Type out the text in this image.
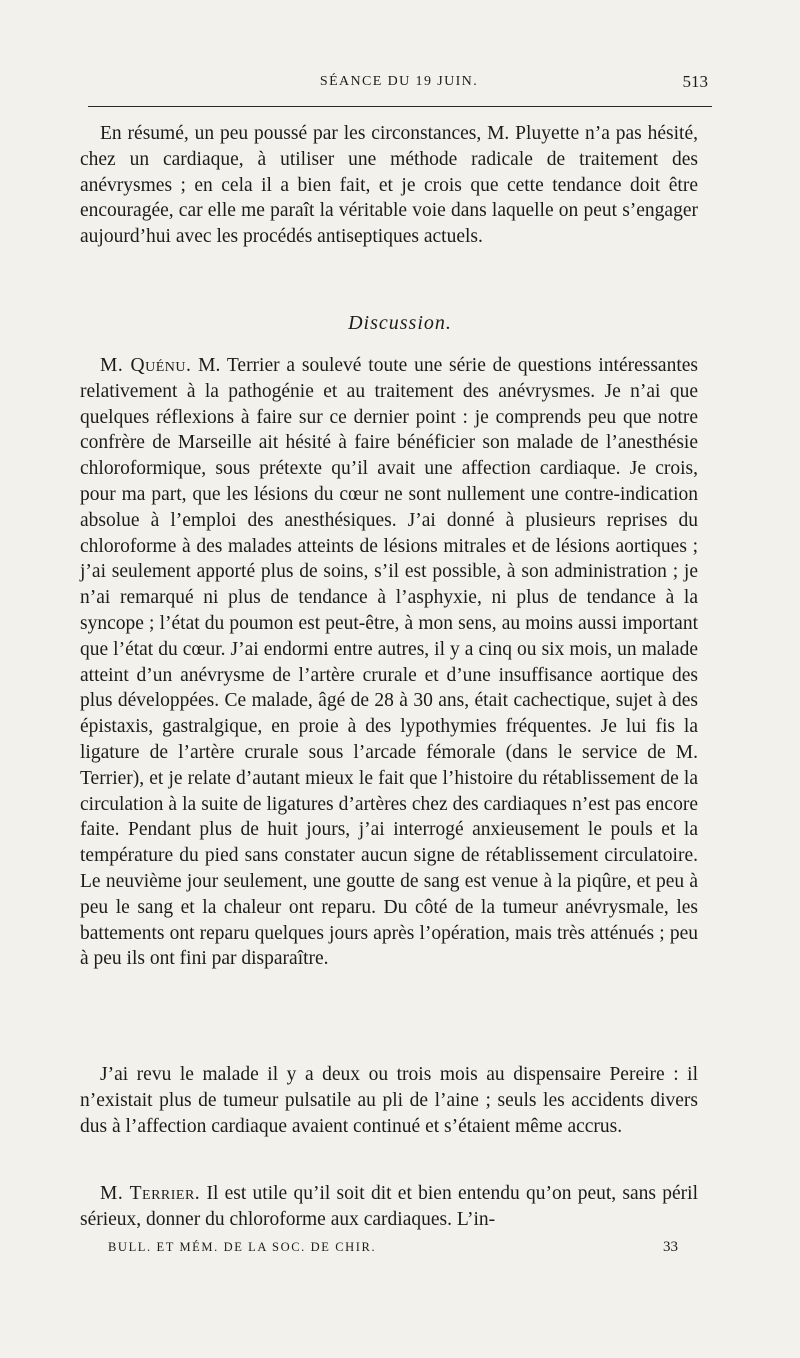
SÉANCE DU 19 JUIN.	513

En résumé, un peu poussé par les circonstances, M. Pluyette n’a pas hésité, chez un cardiaque, à utiliser une méthode radicale de traitement des anévrysmes ; en cela il a bien fait, et je crois que cette tendance doit être encouragée, car elle me paraît la véritable voie dans laquelle on peut s’engager aujourd’hui avec les procédés antiseptiques actuels.

Discussion.

M. Quénu. M. Terrier a soulevé toute une série de questions intéressantes relativement à la pathogénie et au traitement des anévrysmes. Je n’ai que quelques réflexions à faire sur ce dernier point : je comprends peu que notre confrère de Marseille ait hésité à faire bénéficier son malade de l’anesthésie chloroformique, sous prétexte qu’il avait une affection cardiaque. Je crois, pour ma part, que les lésions du cœur ne sont nullement une contre-indication absolue à l’emploi des anesthésiques. J’ai donné à plusieurs reprises du chloroforme à des malades atteints de lésions mitrales et de lésions aortiques ; j’ai seulement apporté plus de soins, s’il est possible, à son administration ; je n’ai remarqué ni plus de tendance à l’asphyxie, ni plus de tendance à la syncope ; l’état du poumon est peut-être, à mon sens, au moins aussi important que l’état du cœur. J’ai endormi entre autres, il y a cinq ou six mois, un malade atteint d’un anévrysme de l’artère crurale et d’une insuffisance aortique des plus développées. Ce malade, âgé de 28 à 30 ans, était cachectique, sujet à des épistaxis, gastralgique, en proie à des lypothymies fréquentes. Je lui fis la ligature de l’artère crurale sous l’arcade fémorale (dans le service de M. Terrier), et je relate d’autant mieux le fait que l’histoire du rétablissement de la circulation à la suite de ligatures d’artères chez des cardiaques n’est pas encore faite. Pendant plus de huit jours, j’ai interrogé anxieusement le pouls et la température du pied sans constater aucun signe de rétablissement circulatoire. Le neuvième jour seulement, une goutte de sang est venue à la piqûre, et peu à peu le sang et la chaleur ont reparu. Du côté de la tumeur anévrysmale, les battements ont reparu quelques jours après l’opération, mais très atténués ; peu à peu ils ont fini par disparaître.

J’ai revu le malade il y a deux ou trois mois au dispensaire Pereire : il n’existait plus de tumeur pulsatile au pli de l’aine ; seuls les accidents divers dus à l’affection cardiaque avaient continué et s’étaient même accrus.

M. Terrier. Il est utile qu’il soit dit et bien entendu qu’on peut, sans péril sérieux, donner du chloroforme aux cardiaques. L’in-

BULL. ET MÉM. DE LA SOC. DE CHIR.	33
